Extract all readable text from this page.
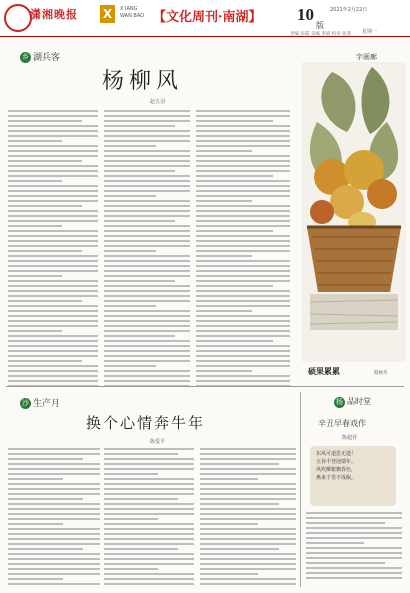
潇湘晚报 X	X IANG
WAN BAO 【文化周刊·南湖】 10
版
2021年2月22日
星期一
责编 彭霞 美编 李斌 校对 张茜
乡 湖兵客
杨柳风
赵五羽
宇画廊
硕果累累	殷秋华
沙 生产月
换个心情奔牛年
陈爱平
杨 品时堂
辛丑早春戏作
陈超祥
东风可道思无遗！
五谷丰登迎瑞年。
风吹柳絮飘春色，
燕来千里不成眠。
